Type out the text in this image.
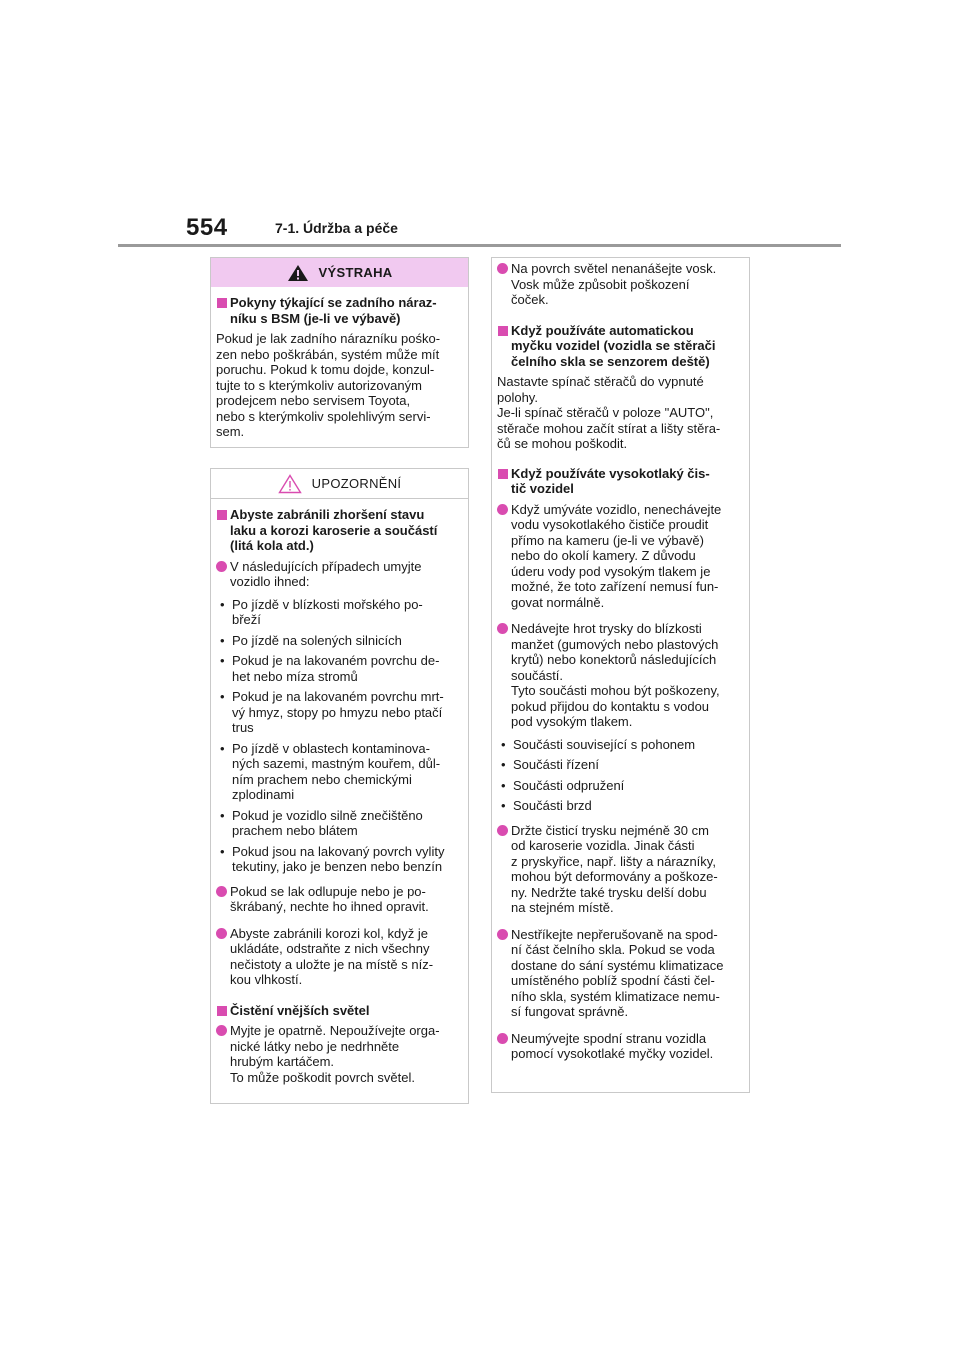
554	7-1. Údržba a péče
VÝSTRAHA
Pokyny týkající se zadního náraz-
níku s BSM (je-li ve výbavě)
Pokud je lak zadního nárazníku pośko-
zen nebo poškrábán, systém může mít
poruchu. Pokud k tomu dojde, konzul-
tujte to s kterýmkoliv autorizovaným
prodejcem nebo servisem Toyota,
nebo s kterýmkoliv spolehlivým servi-
sem.
UPOZORNĚNÍ
Abyste zabránili zhoršení stavu
laku a korozi karoserie a součástí
(litá kola atd.)
V následujících případech umyjte
vozidlo ihned:
• Po jízdě v blízkosti mořského po-
břeží
• Po jízdě na solených silnicích
• Pokud je na lakovaném povrchu de-
het nebo míza stromů
• Pokud je na lakovaném povrchu mrt-
vý hmyz, stopy po hmyzu nebo ptačí
trus
• Po jízdě v oblastech kontaminova-
ných sazemi, mastným kouřem, důl-
ním prachem nebo chemickými
zplodinami
• Pokud je vozidlo silně znečištěno
prachem nebo blátem
• Pokud jsou na lakovaný povrch vylity
tekutiny, jako je benzen nebo benzín
Pokud se lak odlupuje nebo je po-
škrábaný, nechte ho ihned opravit.
Abyste zabránili korozi kol, když je
ukládáte, odstraňte z nich všechny
nečistoty a uložte je na místě s níz-
kou vlhkostí.
Čistění vnějších světel
Myjte je opatrně. Nepoužívejte orga-
nické látky nebo je nedrhněte
hrubým kartáčem.
To může poškodit povrch světel.
Na povrch světel nenanášejte vosk.
Vosk může způsobit poškození
čoček.
Když používáte automatickou
myčku vozidel (vozidla se stěrači
čelního skla se senzorem deště)
Nastavte spínač stěračů do vypnuté
polohy.
Je-li spínač stěračů v poloze "AUTO",
stěrače mohou začít stírat a lišty stěra-
čů se mohou poškodit.
Když používáte vysokotlaký čis-
tič vozidel
Když umýváte vozidlo, nenechávejte
vodu vysokotlakého čističe proudit
přímo na kameru (je-li ve výbavě)
nebo do okolí kamery. Z důvodu
úderu vody pod vysokým tlakem je
možné, že toto zařízení nemusí fun-
govat normálně.
Nedávejte hrot trysky do blízkosti
manžet (gumových nebo plastových
krytů) nebo konektorů následujících
součástí.
Tyto součásti mohou být poškozeny,
pokud přijdou do kontaktu s vodou
pod vysokým tlakem.
• Součásti související s pohonem
• Součásti řízení
• Součásti odpružení
• Součásti brzd
Držte čisticí trysku nejméně 30 cm
od karoserie vozidla. Jinak části
z pryskyřice, např. lišty a nárazníky,
mohou být deformovány a poškoze-
ny. Nedržte také trysku delší dobu
na stejném místě.
Nestříkejte nepřerušovaně na spod-
ní část čelního skla. Pokud se voda
dostane do sání systému klimatizace
umístěného poblíž spodní části čel-
ního skla, systém klimatizace nemu-
sí fungovat správně.
Neumývejte spodní stranu vozidla
pomocí vysokotlaké myčky vozidel.
